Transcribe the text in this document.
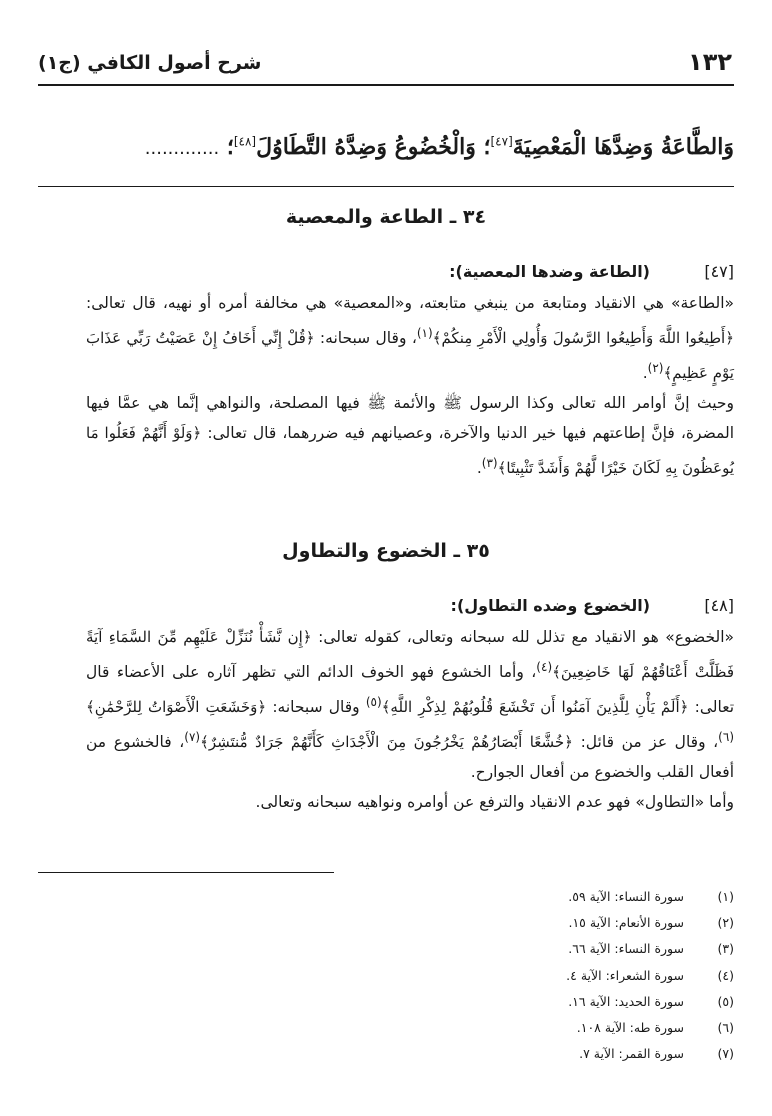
١٣٢
شرح أصول الكافي (ج١)
وَالطَّاعَةُ وَضِدَّهَا الْمَعْصِيَةَ[٤٧]؛ وَالْخُضُوعُ وَضِدَّهُ التَّطَاوُلَ[٤٨]؛ .............
٣٤ ـ الطاعة والمعصية
[٤٧](الطاعة وضدها المعصية):

«الطاعة» هي الانقياد ومتابعة من ينبغي متابعته، و«المعصية» هي مخالفة أمره أو نهيه، قال تعالى: ﴿أَطِيعُوا اللَّهَ وَأَطِيعُوا الرَّسُولَ وَأُولِي الْأَمْرِ مِنكُمْ﴾$^{(١)}$، وقال سبحانه: ﴿قُلْ إِنِّي أَخَافُ إِنْ عَصَيْتُ رَبِّي عَذَابَ يَوْمٍ عَظِيمٍ﴾$^{(٢)}$.

وحيث إنَّ أوامر الله تعالى وكذا الرسول ﷺ والأئمة ﷺ فيها المصلحة، والنواهي إنَّما هي عمَّا فيها المضرة، فإنَّ إطاعتهم فيها خير الدنيا والآخرة، وعصيانهم فيه ضررهما، قال تعالى: ﴿وَلَوْ أَنَّهُمْ فَعَلُوا مَا يُوعَظُونَ بِهِ لَكَانَ خَيْرًا لَّهُمْ وَأَشَدَّ تَثْبِيتًا﴾$^{(٣)}$.

٣٥ ـ الخضوع والتطاول
[٤٨](الخضوع وضده التطاول):

«الخضوع» هو الانقياد مع تذلل لله سبحانه وتعالى، كقوله تعالى: ﴿إِن نَّشَأْ نُنَزِّلْ عَلَيْهِم مِّنَ السَّمَاءِ آيَةً فَظَلَّتْ أَعْنَاقُهُمْ لَهَا خَاضِعِينَ﴾$^{(٤)}$، وأما الخشوع فهو الخوف الدائم التي تظهر آثاره على الأعضاء قال تعالى: ﴿أَلَمْ يَأْنِ لِلَّذِينَ آمَنُوا أَن تَخْشَعَ قُلُوبُهُمْ لِذِكْرِ اللَّهِ﴾$^{(٥)}$ وقال سبحانه: ﴿وَخَشَعَتِ الْأَصْوَاتُ لِلرَّحْمَٰنِ﴾$^{(٦)}$، وقال عز من قائل: ﴿خُشَّعًا أَبْصَارُهُمْ يَخْرُجُونَ مِنَ الْأَجْدَاثِ كَأَنَّهُمْ جَرَادٌ مُّنتَشِرٌ﴾$^{(٧)}$، فالخشوع من أفعال القلب والخضوع من أفعال الجوارح.

وأما «التطاول» فهو عدم الانقياد والترفع عن أوامره ونواهيه سبحانه وتعالى.

(١)سورة النساء: الآية ٥٩.
(٢)سورة الأنعام: الآية ١٥.
(٣)سورة النساء: الآية ٦٦.
(٤)سورة الشعراء: الآية ٤.
(٥)سورة الحديد: الآية ١٦.
(٦)سورة طه: الآية ١٠٨.
(٧)سورة القمر: الآية ٧.
